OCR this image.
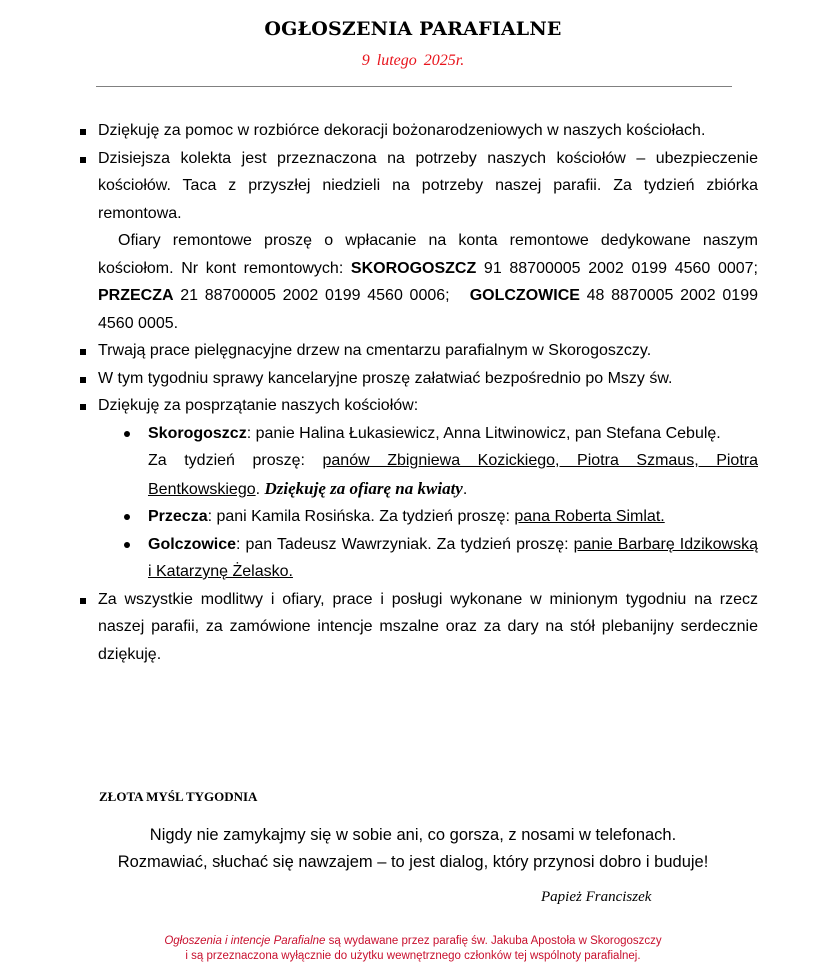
OGŁOSZENIA PARAFIALNE
9 lutego 2025r.
Dziękuję za pomoc w rozbiórce dekoracji bożonarodzeniowych w naszych kościołach.
Dzisiejsza kolekta jest przeznaczona na potrzeby naszych kościołów – ubezpieczenie kościołów. Taca z przyszłej niedzieli na potrzeby naszej parafii. Za tydzień zbiórka remontowa.
Ofiary remontowe proszę o wpłacanie na konta remontowe dedykowane naszym kościołom. Nr kont remontowych: SKOROGOSZCZ 91 88700005 2002 0199 4560 0007; PRZECZA 21 88700005 2002 0199 4560 0006;   GOLCZOWICE 48 8870005 2002 0199 4560 0005.
Trwają prace pielęgnacyjne drzew na cmentarzu parafialnym w Skorogoszczy.
W tym tygodniu sprawy kancelaryjne proszę załatwiać bezpośrednio po Mszy św.
Dziękuję za posprzątanie naszych kościołów:
Skorogoszcz: panie Halina Łukasiewicz, Anna Litwinowicz, pan Stefana Cebulę.
Za tydzień proszę: panów Zbigniewa Kozickiego, Piotra Szmaus, Piotra Bentkowskiego. Dziękuję za ofiarę na kwiaty.
Przecza: pani Kamila Rosińska. Za tydzień proszę: pana Roberta Simlat.
Golczowice: pan Tadeusz Wawrzyniak. Za tydzień proszę: panie Barbarę Idzikowską i Katarzynę Żelasko.
Za wszystkie modlitwy i ofiary, prace i posługi wykonane w minionym tygodniu na rzecz naszej parafii, za zamówione intencje mszalne oraz za dary na stół plebanijny serdecznie dziękuję.
ZŁOTA MYŚL TYGODNIA
Nigdy nie zamykajmy się w sobie ani, co gorsza, z nosami w telefonach.
Rozmawiać, słuchać się nawzajem – to jest dialog, który przynosi dobro i buduje!
Papież Franciszek
Ogłoszenia i intencje Parafialne są wydawane przez parafię św. Jakuba Apostoła w Skorogoszczy
i są przeznaczona wyłącznie do użytku wewnętrznego członków tej wspólnoty parafialnej.
